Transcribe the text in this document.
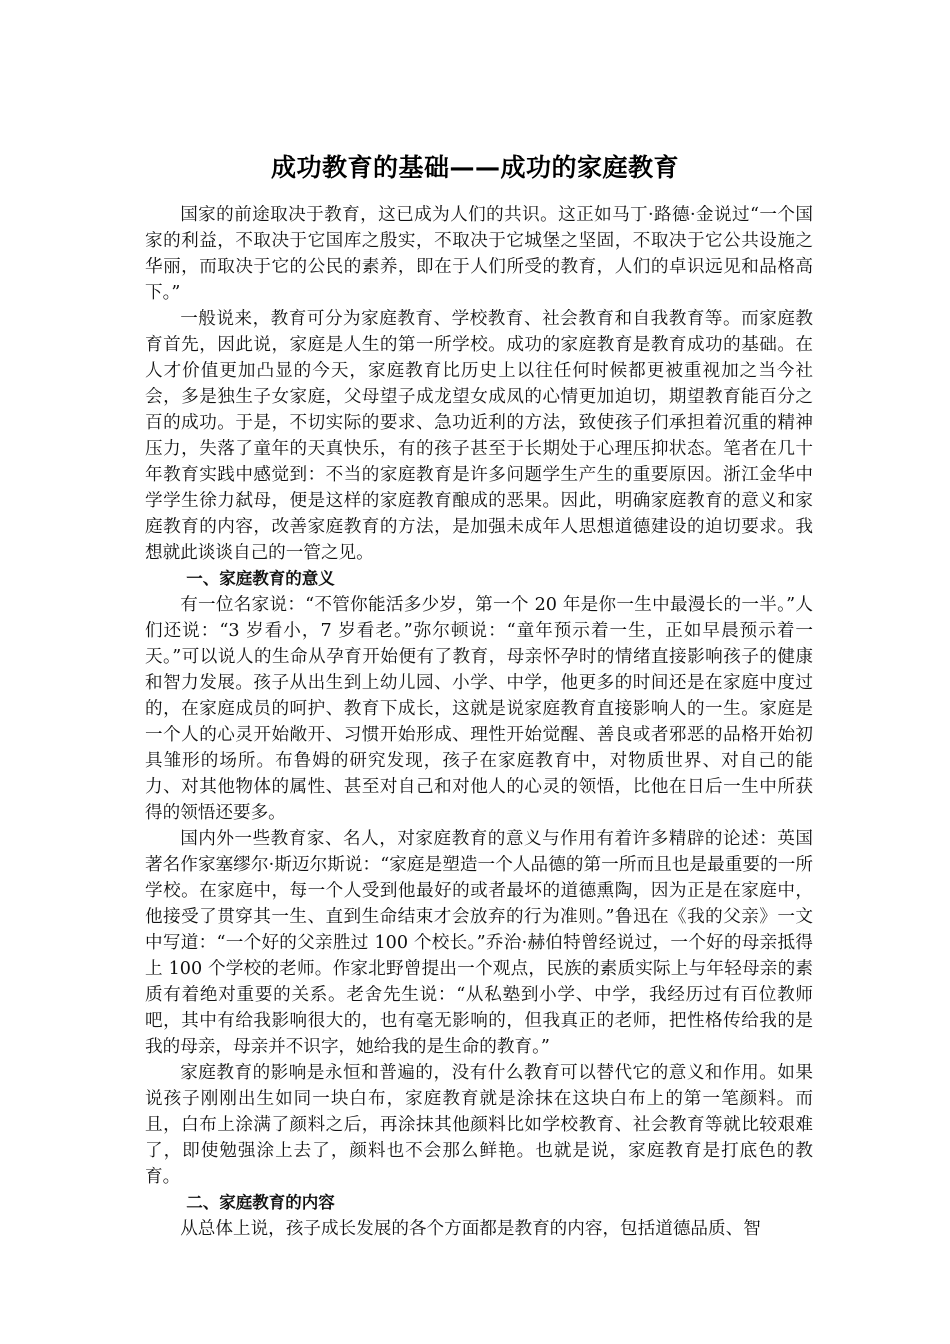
成功教育的基础——成功的家庭教育

国家的前途取决于教育，这已成为人们的共识。这正如马丁·路德·金说过“一个国家的利益，不取决于它国库之殷实，不取决于它城堡之坚固，不取决于它公共设施之华丽，而取决于它的公民的素养，即在于人们所受的教育，人们的卓识远见和品格高下。”

一般说来，教育可分为家庭教育、学校教育、社会教育和自我教育等。而家庭教育首先，因此说，家庭是人生的第一所学校。成功的家庭教育是教育成功的基础。在人才价值更加凸显的今天，家庭教育比历史上以往任何时候都更被重视加之当今社会，多是独生子女家庭，父母望子成龙望女成凤的心情更加迫切，期望教育能百分之百的成功。于是，不切实际的要求、急功近利的方法，致使孩子们承担着沉重的精神压力，失落了童年的天真快乐，有的孩子甚至于长期处于心理压抑状态。笔者在几十年教育实践中感觉到：不当的家庭教育是许多问题学生产生的重要原因。浙江金华中学学生徐力弑母，便是这样的家庭教育酿成的恶果。因此，明确家庭教育的意义和家庭教育的内容，改善家庭教育的方法，是加强未成年人思想道德建设的迫切要求。我想就此谈谈自己的一管之见。

一、家庭教育的意义

有一位名家说：“不管你能活多少岁，第一个 20 年是你一生中最漫长的一半。”人们还说：“3 岁看小，7 岁看老。”弥尔顿说：“童年预示着一生，正如早晨预示着一天。”可以说人的生命从孕育开始便有了教育，母亲怀孕时的情绪直接影响孩子的健康和智力发展。孩子从出生到上幼儿园、小学、中学，他更多的时间还是在家庭中度过的，在家庭成员的呵护、教育下成长，这就是说家庭教育直接影响人的一生。家庭是一个人的心灵开始敞开、习惯开始形成、理性开始觉醒、善良或者邪恶的品格开始初具雏形的场所。布鲁姆的研究发现，孩子在家庭教育中，对物质世界、对自己的能力、对其他物体的属性、甚至对自己和对他人的心灵的领悟，比他在日后一生中所获得的领悟还要多。

国内外一些教育家、名人，对家庭教育的意义与作用有着许多精辟的论述：英国著名作家塞缪尔·斯迈尔斯说：“家庭是塑造一个人品德的第一所而且也是最重要的一所学校。在家庭中，每一个人受到他最好的或者最坏的道德熏陶，因为正是在家庭中，他接受了贯穿其一生、直到生命结束才会放弃的行为准则。”鲁迅在《我的父亲》一文中写道：“一个好的父亲胜过 100 个校长。”乔治·赫伯特曾经说过，一个好的母亲抵得上 100 个学校的老师。作家北野曾提出一个观点，民族的素质实际上与年轻母亲的素质有着绝对重要的关系。老舍先生说：“从私塾到小学、中学，我经历过有百位教师吧，其中有给我影响很大的，也有毫无影响的，但我真正的老师，把性格传给我的是我的母亲，母亲并不识字，她给我的是生命的教育。”

家庭教育的影响是永恒和普遍的，没有什么教育可以替代它的意义和作用。如果说孩子刚刚出生如同一块白布，家庭教育就是涂抹在这块白布上的第一笔颜料。而且，白布上涂满了颜料之后，再涂抹其他颜料比如学校教育、社会教育等就比较艰难了，即使勉强涂上去了，颜料也不会那么鲜艳。也就是说，家庭教育是打底色的教育。

二、家庭教育的内容

从总体上说，孩子成长发展的各个方面都是教育的内容，包括道德品质、智
